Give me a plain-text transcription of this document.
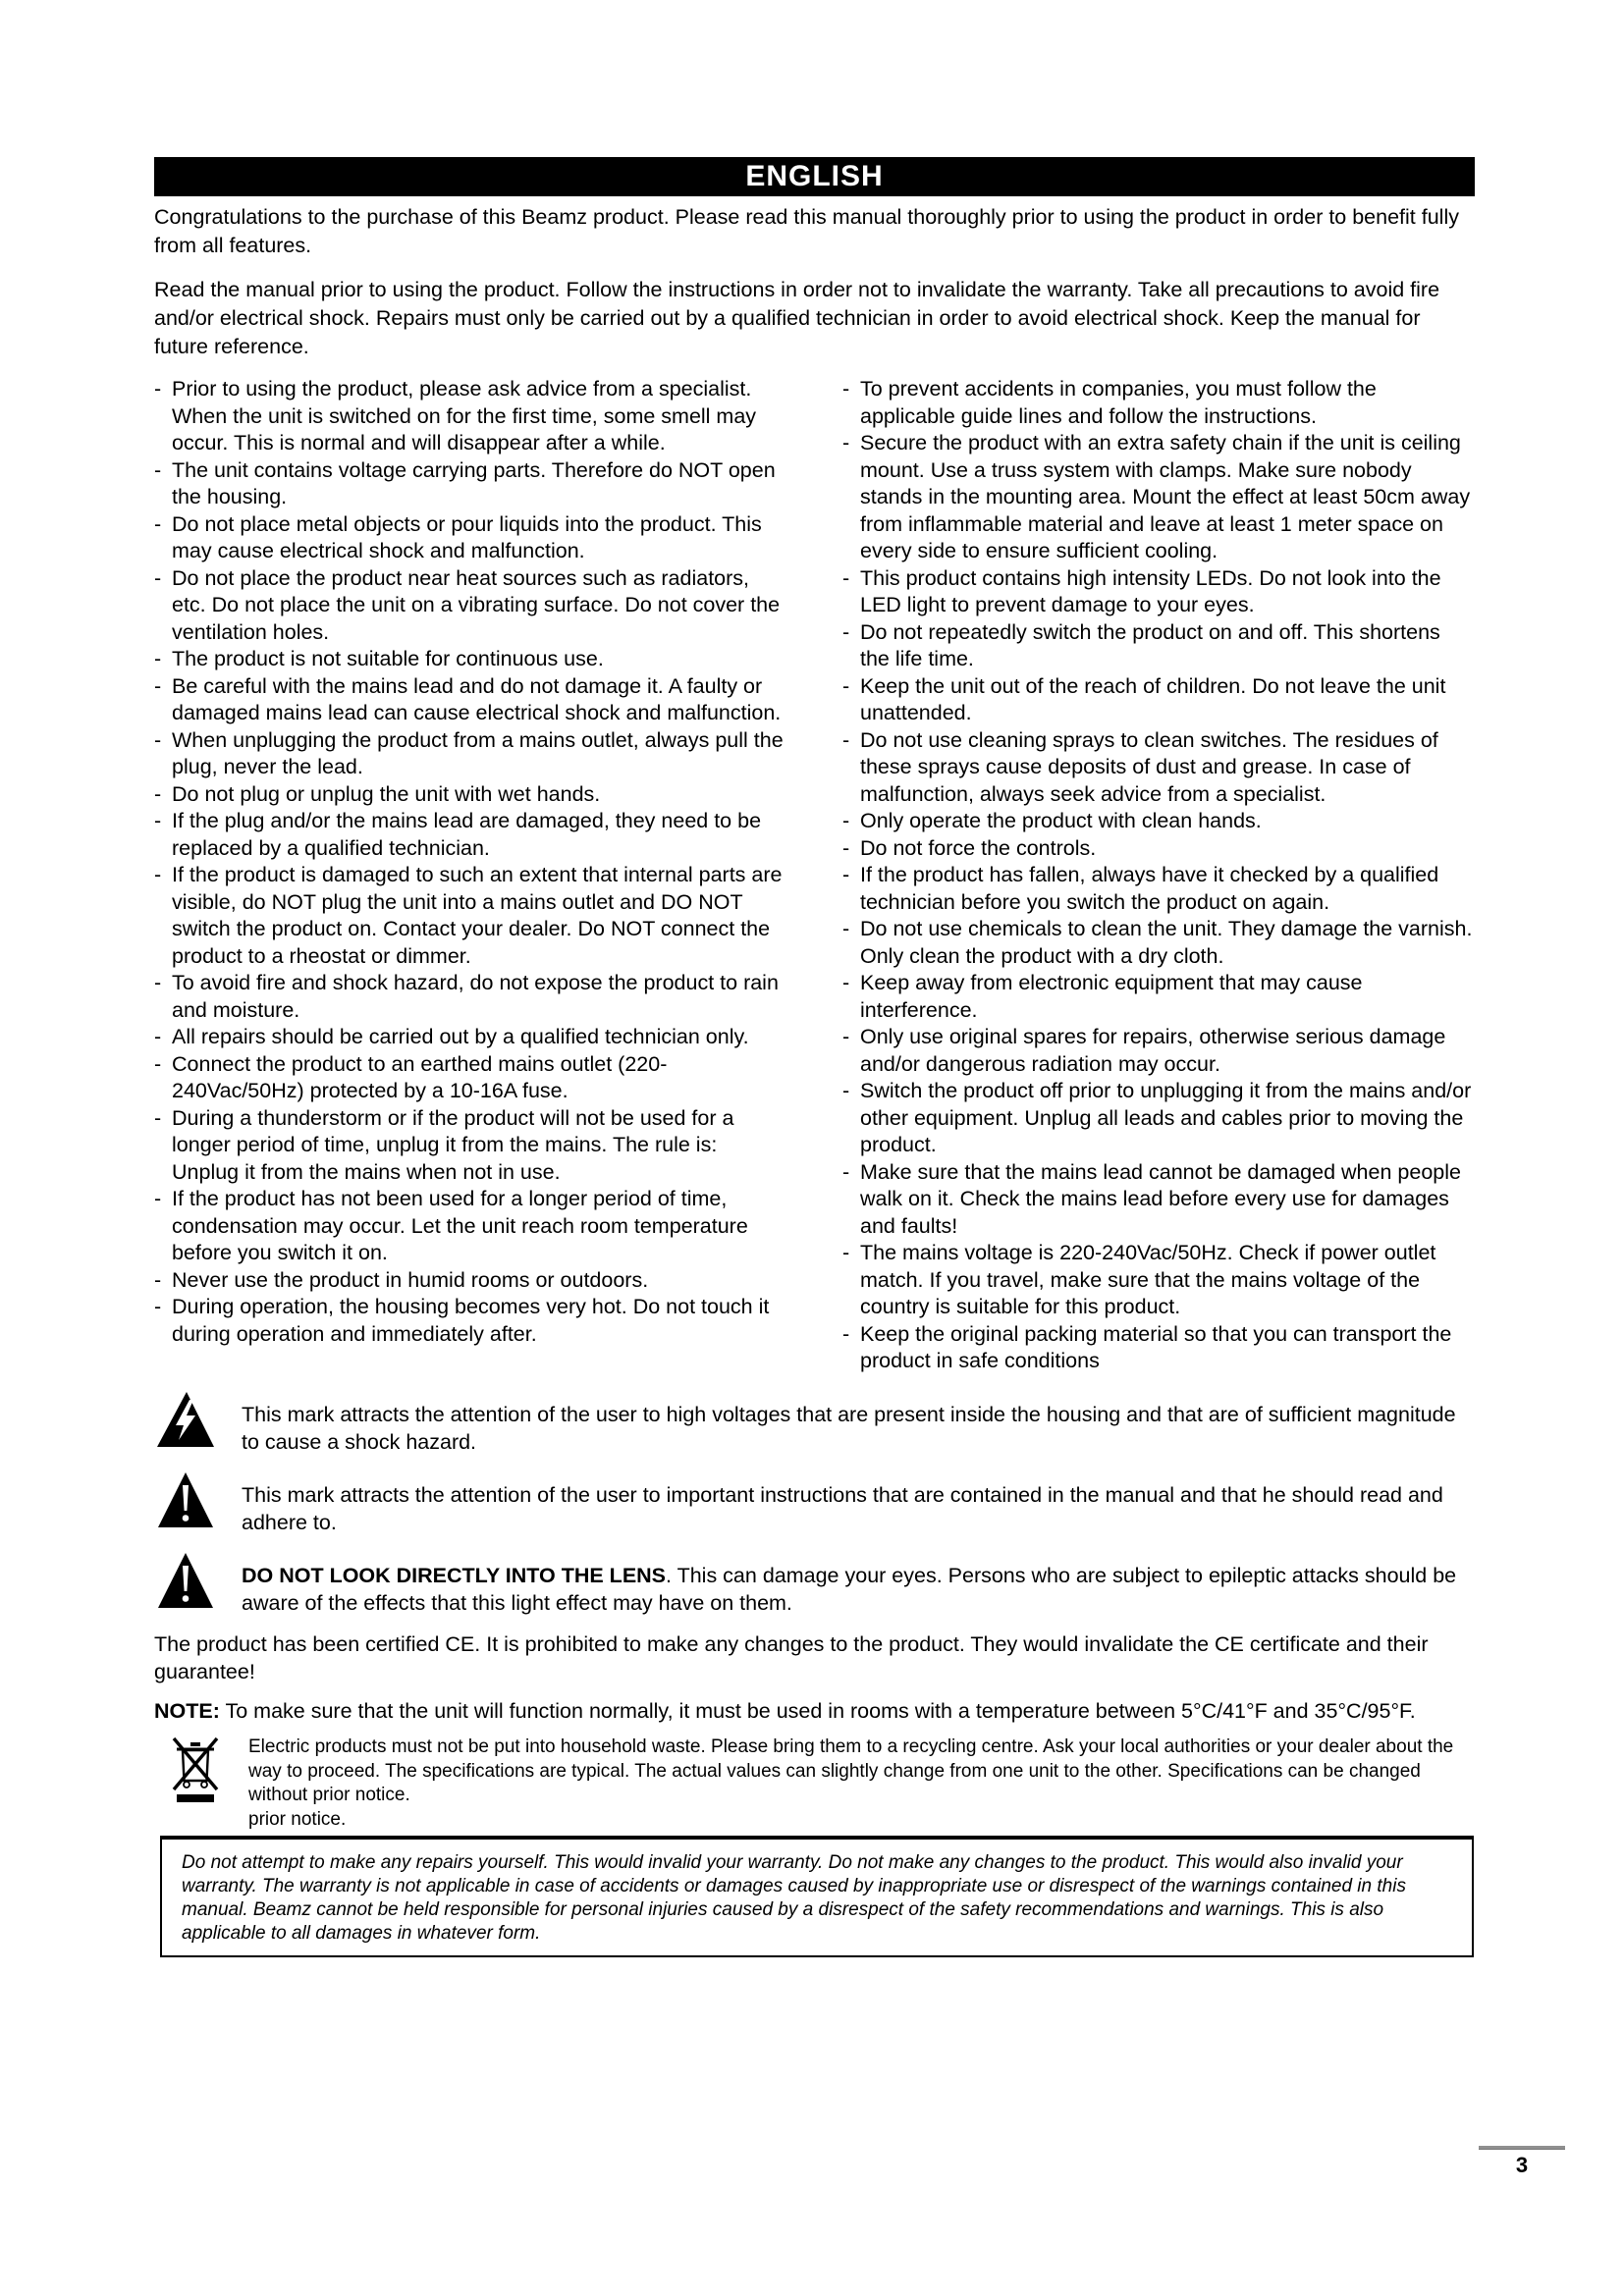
ENGLISH

Congratulations to the purchase of this Beamz product. Please read this manual thoroughly prior to using the product in order to benefit fully from all features.

Read the manual prior to using the product. Follow the instructions in order not to invalidate the warranty. Take all precautions to avoid fire and/or electrical shock. Repairs must only be carried out by a qualified technician in order to avoid electrical shock. Keep the manual for future reference.

- Prior to using the product, please ask advice from a specialist. When the unit is switched on for the first time, some smell may occur. This is normal and will disappear after a while.
- The unit contains voltage carrying parts. Therefore do NOT open the housing.
- Do not place metal objects or pour liquids into the product. This may cause electrical shock and malfunction.
- Do not place the product near heat sources such as radiators, etc. Do not place the unit on a vibrating surface. Do not cover the ventilation holes.
- The product is not suitable for continuous use.
- Be careful with the mains lead and do not damage it. A faulty or damaged mains lead can cause electrical shock and malfunction.
- When unplugging the product from a mains outlet, always pull the plug, never the lead.
- Do not plug or unplug the unit with wet hands.
- If the plug and/or the mains lead are damaged, they need to be replaced by a qualified technician.
- If the product is damaged to such an extent that internal parts are visible, do NOT plug the unit into a mains outlet and DO NOT switch the product on. Contact your dealer. Do NOT connect the product to a rheostat or dimmer.
- To avoid fire and shock hazard, do not expose the product to rain and moisture.
- All repairs should be carried out by a qualified technician only.
- Connect the product to an earthed mains outlet (220-240Vac/50Hz) protected by a 10-16A fuse.
- During a thunderstorm or if the product will not be used for a longer period of time, unplug it from the mains. The rule is: Unplug it from the mains when not in use.
- If the product has not been used for a longer period of time, condensation may occur. Let the unit reach room temperature before you switch it on.
- Never use the product in humid rooms or outdoors.
- During operation, the housing becomes very hot. Do not touch it during operation and immediately after.
- To prevent accidents in companies, you must follow the applicable guide lines and follow the instructions.
- Secure the product with an extra safety chain if the unit is ceiling mount. Use a truss system with clamps. Make sure nobody stands in the mounting area. Mount the effect at least 50cm away from inflammable material and leave at least 1 meter space on every side to ensure sufficient cooling.
- This product contains high intensity LEDs. Do not look into the LED light to prevent damage to your eyes.
- Do not repeatedly switch the product on and off. This shortens the life time.
- Keep the unit out of the reach of children. Do not leave the unit unattended.
- Do not use cleaning sprays to clean switches. The residues of these sprays cause deposits of dust and grease. In case of malfunction, always seek advice from a specialist.
- Only operate the product with clean hands.
- Do not force the controls.
- If the product has fallen, always have it checked by a qualified technician before you switch the product on again.
- Do not use chemicals to clean the unit. They damage the varnish. Only clean the product with a dry cloth.
- Keep away from electronic equipment that may cause interference.
- Only use original spares for repairs, otherwise serious damage and/or dangerous radiation may occur.
- Switch the product off prior to unplugging it from the mains and/or other equipment. Unplug all leads and cables prior to moving the product.
- Make sure that the mains lead cannot be damaged when people walk on it. Check the mains lead before every use for damages and faults!
- The mains voltage is 220-240Vac/50Hz. Check if power outlet match. If you travel, make sure that the mains voltage of the country is suitable for this product.
- Keep the original packing material so that you can transport the product in safe conditions

This mark attracts the attention of the user to high voltages that are present inside the housing and that are of sufficient magnitude to cause a shock hazard.

This mark attracts the attention of the user to important instructions that are contained in the manual and that he should read and adhere to.

DO NOT LOOK DIRECTLY INTO THE LENS. This can damage your eyes. Persons who are subject to epileptic attacks should be aware of the effects that this light effect may have on them.

The product has been certified CE. It is prohibited to make any changes to the product. They would invalidate the CE certificate and their guarantee!

NOTE: To make sure that the unit will function normally, it must be used in rooms with a temperature between 5°C/41°F and 35°C/95°F.

Electric products must not be put into household waste. Please bring them to a recycling centre. Ask your local authorities or your dealer about the way to proceed. The specifications are typical. The actual values can slightly change from one unit to the other. Specifications can be changed without prior notice.
prior notice.

Do not attempt to make any repairs yourself. This would invalid your warranty. Do not make any changes to the product. This would also invalid your warranty. The warranty is not applicable in case of accidents or damages caused by inappropriate use or disrespect of the warnings contained in this manual. Beamz cannot be held responsible for personal injuries caused by a disrespect of the safety recommendations and warnings. This is also applicable to all damages in whatever form.
3
